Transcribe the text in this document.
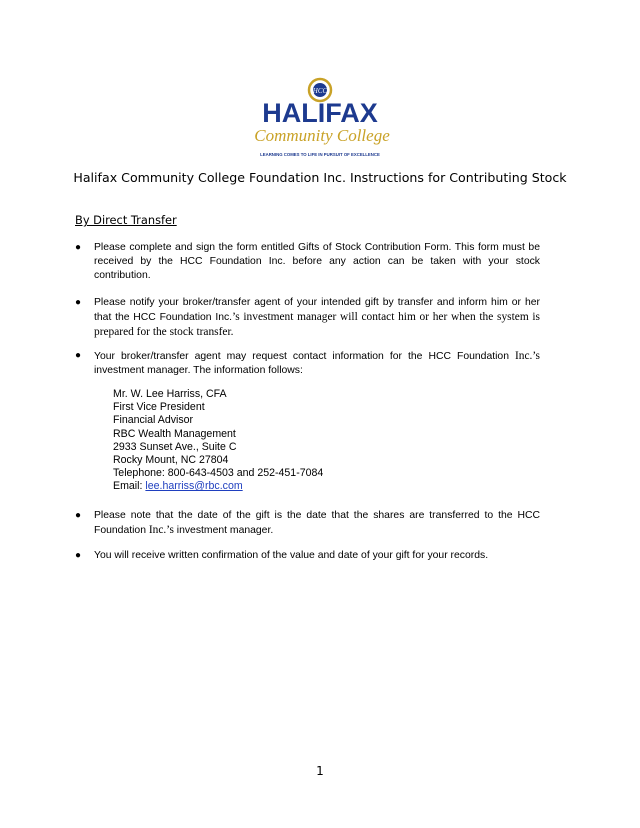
HCC
HALIFAX
Community College
LEARNING COMES TO LIFE IN PURSUIT OF EXCELLENCE
Halifax Community College Foundation Inc. Instructions for Contributing Stock
By Direct Transfer
● Please complete and sign the form entitled Gifts of Stock Contribution Form. This form must be received by the HCC Foundation Inc. before any action can be taken with your stock contribution.
● Please notify your broker/transfer agent of your intended gift by transfer and inform him or her that the HCC Foundation Inc.’s investment manager will contact him or her when the system is prepared for the stock transfer.
● Your broker/transfer agent may request contact information for the HCC Foundation Inc.’s investment manager. The information follows:
Mr. W. Lee Harriss, CFA
First Vice President
Financial Advisor
RBC Wealth Management
2933 Sunset Ave., Suite C
Rocky Mount, NC 27804
Telephone: 800-643-4503 and 252-451-7084
Email: lee.harriss@rbc.com
● Please note that the date of the gift is the date that the shares are transferred to the HCC Foundation Inc.’s investment manager.
● You will receive written confirmation of the value and date of your gift for your records.
1
